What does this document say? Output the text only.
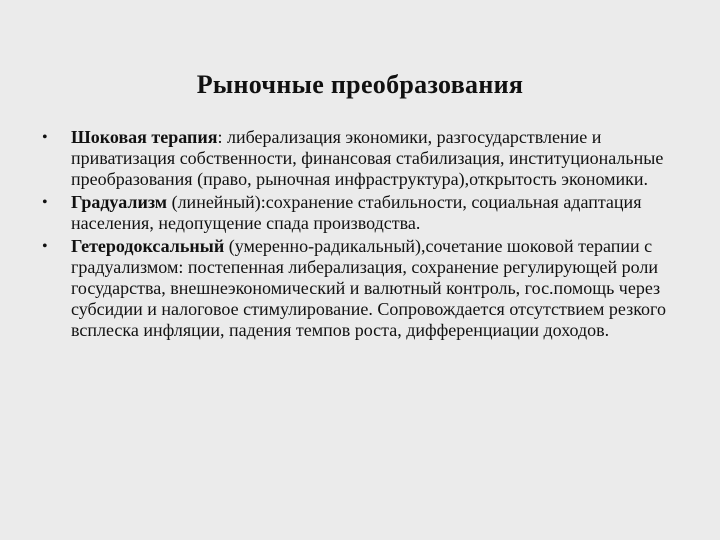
Рыночные преобразования
• Шоковая терапия: либерализация экономики, разгосударствление и приватизация собственности, финансовая стабилизация, институциональные преобразования (право, рыночная инфраструктура),открытость экономики.
• Градуализм (линейный):сохранение стабильности, социальная адаптация населения, недопущение спада производства.
• Гетеродоксальный (умеренно-радикальный),сочетание шоковой терапии с градуализмом: постепенная либерализация, сохранение регулирующей роли государства, внешнеэкономический и валютный контроль, гос.помощь через субсидии и налоговое стимулирование. Сопровождается отсутствием резкого всплеска инфляции, падения темпов роста, дифференциации доходов.
